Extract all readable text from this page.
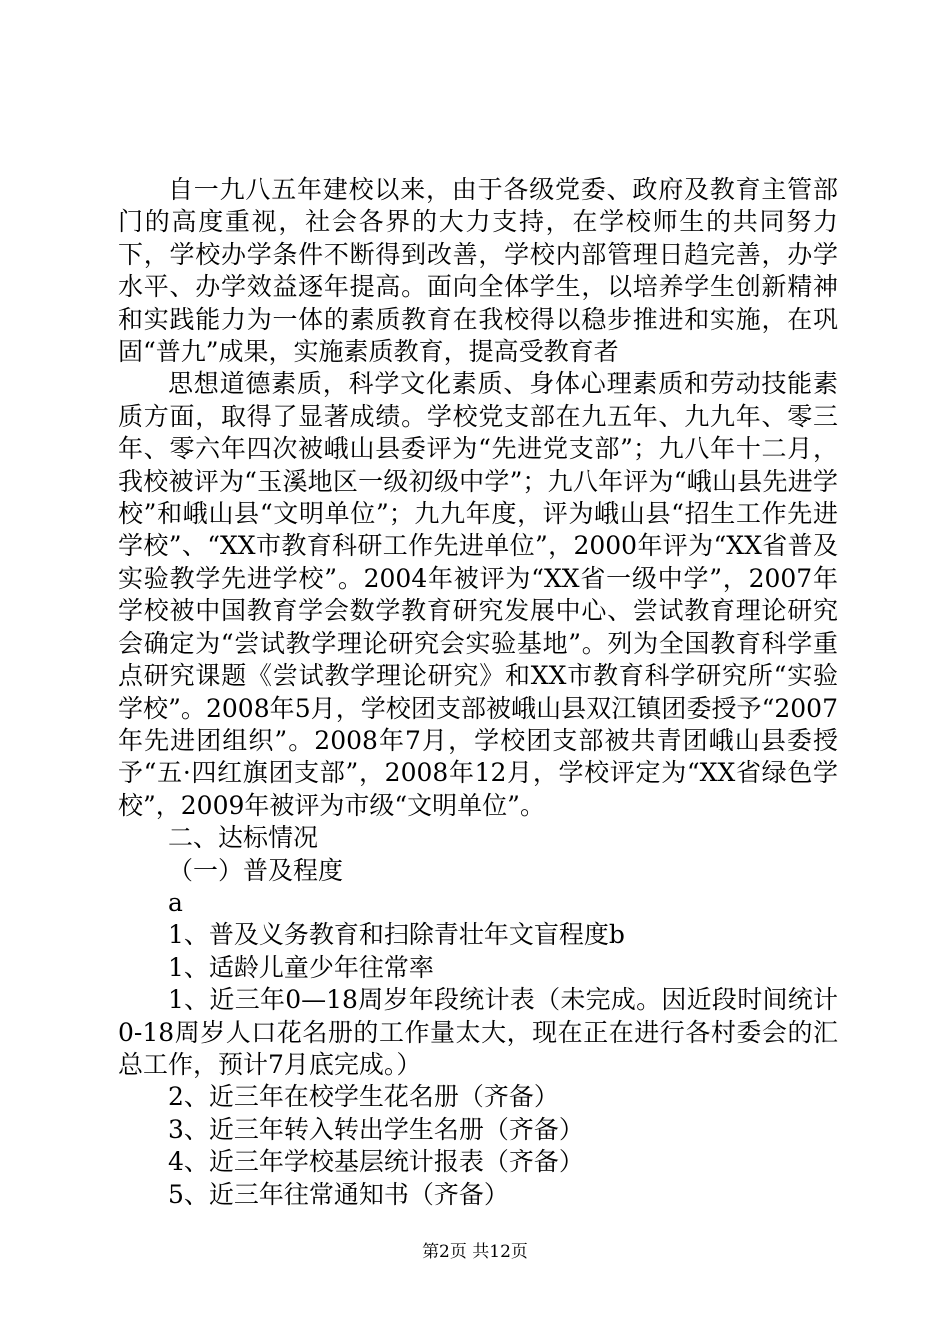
自一九八五年建校以来，由于各级党委、政府及教育主管部门的高度重视，社会各界的大力支持，在学校师生的共同努力下，学校办学条件不断得到改善，学校内部管理日趋完善，办学水平、办学效益逐年提高。面向全体学生，以培养学生创新精神和实践能力为一体的素质教育在我校得以稳步推进和实施，在巩固“普九”成果，实施素质教育，提高受教育者

思想道德素质，科学文化素质、身体心理素质和劳动技能素质方面，取得了显著成绩。学校党支部在九五年、九九年、零三年、零六年四次被峨山县委评为“先进党支部”；九八年十二月，我校被评为“玉溪地区一级初级中学”；九八年评为“峨山县先进学校”和峨山县“文明单位”；九九年度，评为峨山县“招生工作先进学校”、“XX市教育科研工作先进单位”，2000年评为“XX省普及实验教学先进学校”。2004年被评为“XX省一级中学”，2007年学校被中国教育学会数学教育研究发展中心、尝试教育理论研究会确定为“尝试教学理论研究会实验基地”。列为全国教育科学重点研究课题《尝试教学理论研究》和XX市教育科学研究所“实验学校”。2008年5月，学校团支部被峨山县双江镇团委授予“2007年先进团组织”。2008年7月，学校团支部被共青团峨山县委授予“五·四红旗团支部”，2008年12月，学校评定为“XX省绿色学校”，2009年被评为市级“文明单位”。

二、达标情况

（一）普及程度

a

1、普及义务教育和扫除青壮年文盲程度b

1、适龄儿童少年往常率

1、近三年0—18周岁年段统计表（未完成。因近段时间统计0-18周岁人口花名册的工作量太大，现在正在进行各村委会的汇总工作，预计7月底完成。）

2、近三年在校学生花名册（齐备）

3、近三年转入转出学生名册（齐备）

4、近三年学校基层统计报表（齐备）

5、近三年往常通知书（齐备）

第2页 共12页
